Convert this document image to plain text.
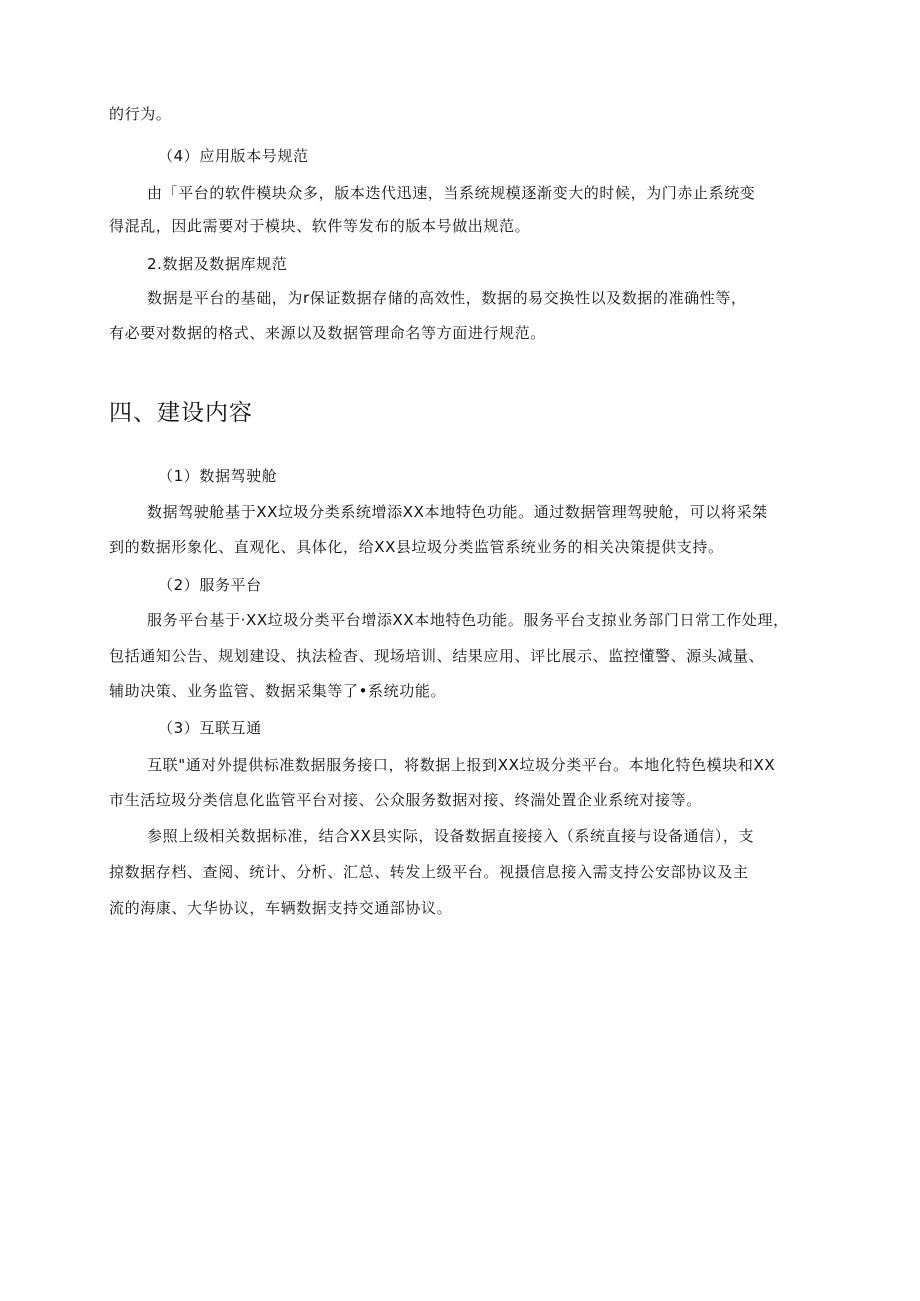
的行为。
（4）应用版本号规范
由「平台的软件模块众多，版本迭代迅速，当系统规模逐渐变大的时候，为门赤止系统变
得混乱，因此需要对于模块、软件等发布的版本号做出规范。
2.数据及数据库规范
数据是平台的基础，为r保证数据存储的高效性，数据的易交换性以及数据的准确性等，
有必要对数据的格式、来源以及数据管理命名等方面进行规范。
四、建设内容
（1）数据驾驶舱
数据驾驶舱基于XX垃圾分类系统增添XX本地特色功能。通过数据管理驾驶舱，可以将采桀
到的数据形象化、直观化、具体化，给XX县垃圾分类监管系统业务的相关决策提供支持。
（2）服务平台
服务平台基于·XX垃圾分类平台增添XX本地特色功能。服务平台支掠业务部门日常工作处理，
包括通知公告、规划建设、执法检杳、现场培训、结果应用、评比展示、监控懂警、源头减量、
辅助决策、业务监管、数据采集等了•系统功能。
（3）互联互通
互联"通对外提供标准数据服务接口，将数据上报到XX垃圾分类平台。本地化特色模块和XX
市生活垃圾分类信息化监管平台对接、公众服务数据对接、终湍处置企业系统对接等。
参照上级相关数据标准，结合XX县实际，设备数据直接接入（系统直接与设备通信），支
掠数据存档、查阅、统计、分析、汇总、转发上级平台。视摄信息接入需支持公安部协议及主
流的海康、大华协议，车辆数据支持交通部协议。
